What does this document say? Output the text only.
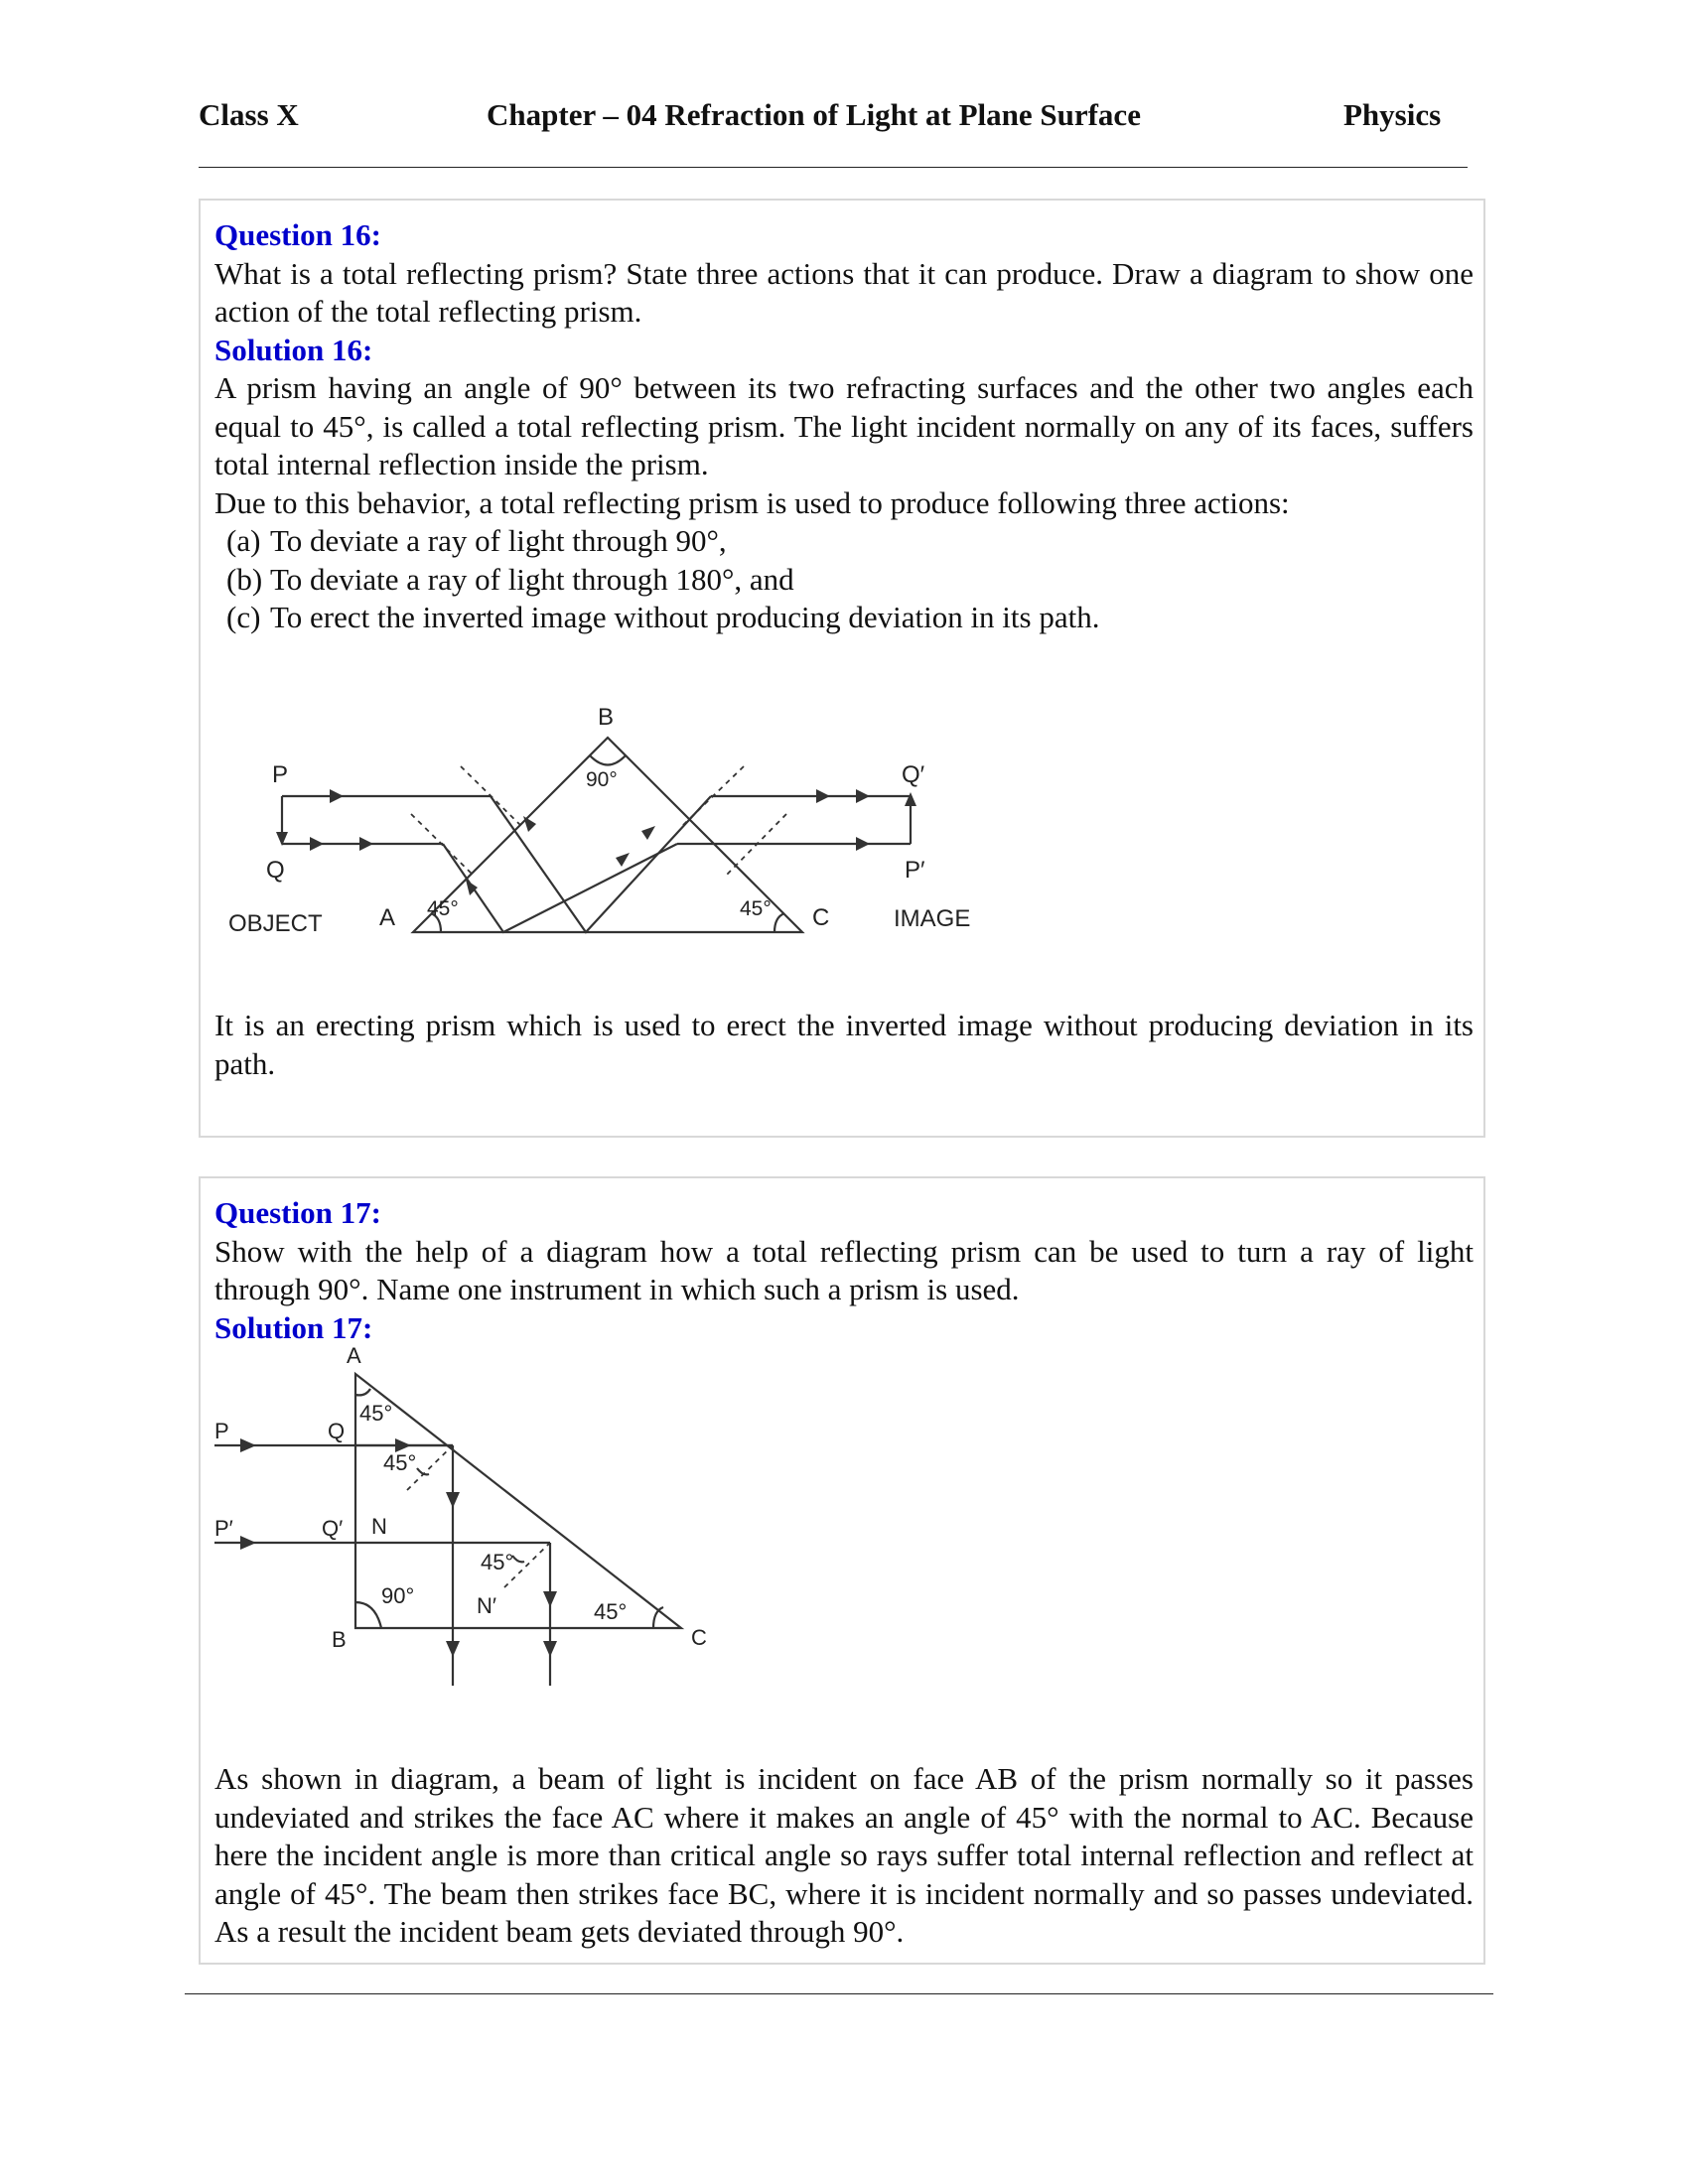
Class X	Chapter – 04 Refraction of Light at Plane Surface	Physics
Question 16:
What is a total reflecting prism? State three actions that it can produce. Draw a diagram to show one action of the total reflecting prism.
Solution 16:
A prism having an angle of 90° between its two refracting surfaces and the other two angles each equal to 45°, is called a total reflecting prism. The light incident normally on any of its faces, suffers total internal reflection inside the prism.
Due to this behavior, a total reflecting prism is used to produce following three actions:
(a) To deviate a ray of light through 90°,
(b) To deviate a ray of light through 180°, and
(c) To erect the inverted image without producing deviation in its path.
B
90°
P
Q
OBJECT A 45°	45° C
Q′
P′
IMAGE
It is an erecting prism which is used to erect the inverted image without producing deviation in its path.
Question 17:
Show with the help of a diagram how a total reflecting prism can be used to turn a ray of light through 90°. Name one instrument in which such a prism is used.
Solution 17:
A
45°
P	Q
45°
P′	Q′ N
45°
90°	N′	45°
B	C
As shown in diagram, a beam of light is incident on face AB of the prism normally so it passes undeviated and strikes the face AC where it makes an angle of 45° with the normal to AC. Because here the incident angle is more than critical angle so rays suffer total internal reflection and reflect at angle of 45°. The beam then strikes face BC, where it is incident normally and so passes undeviated. As a result the incident beam gets deviated through 90°.
